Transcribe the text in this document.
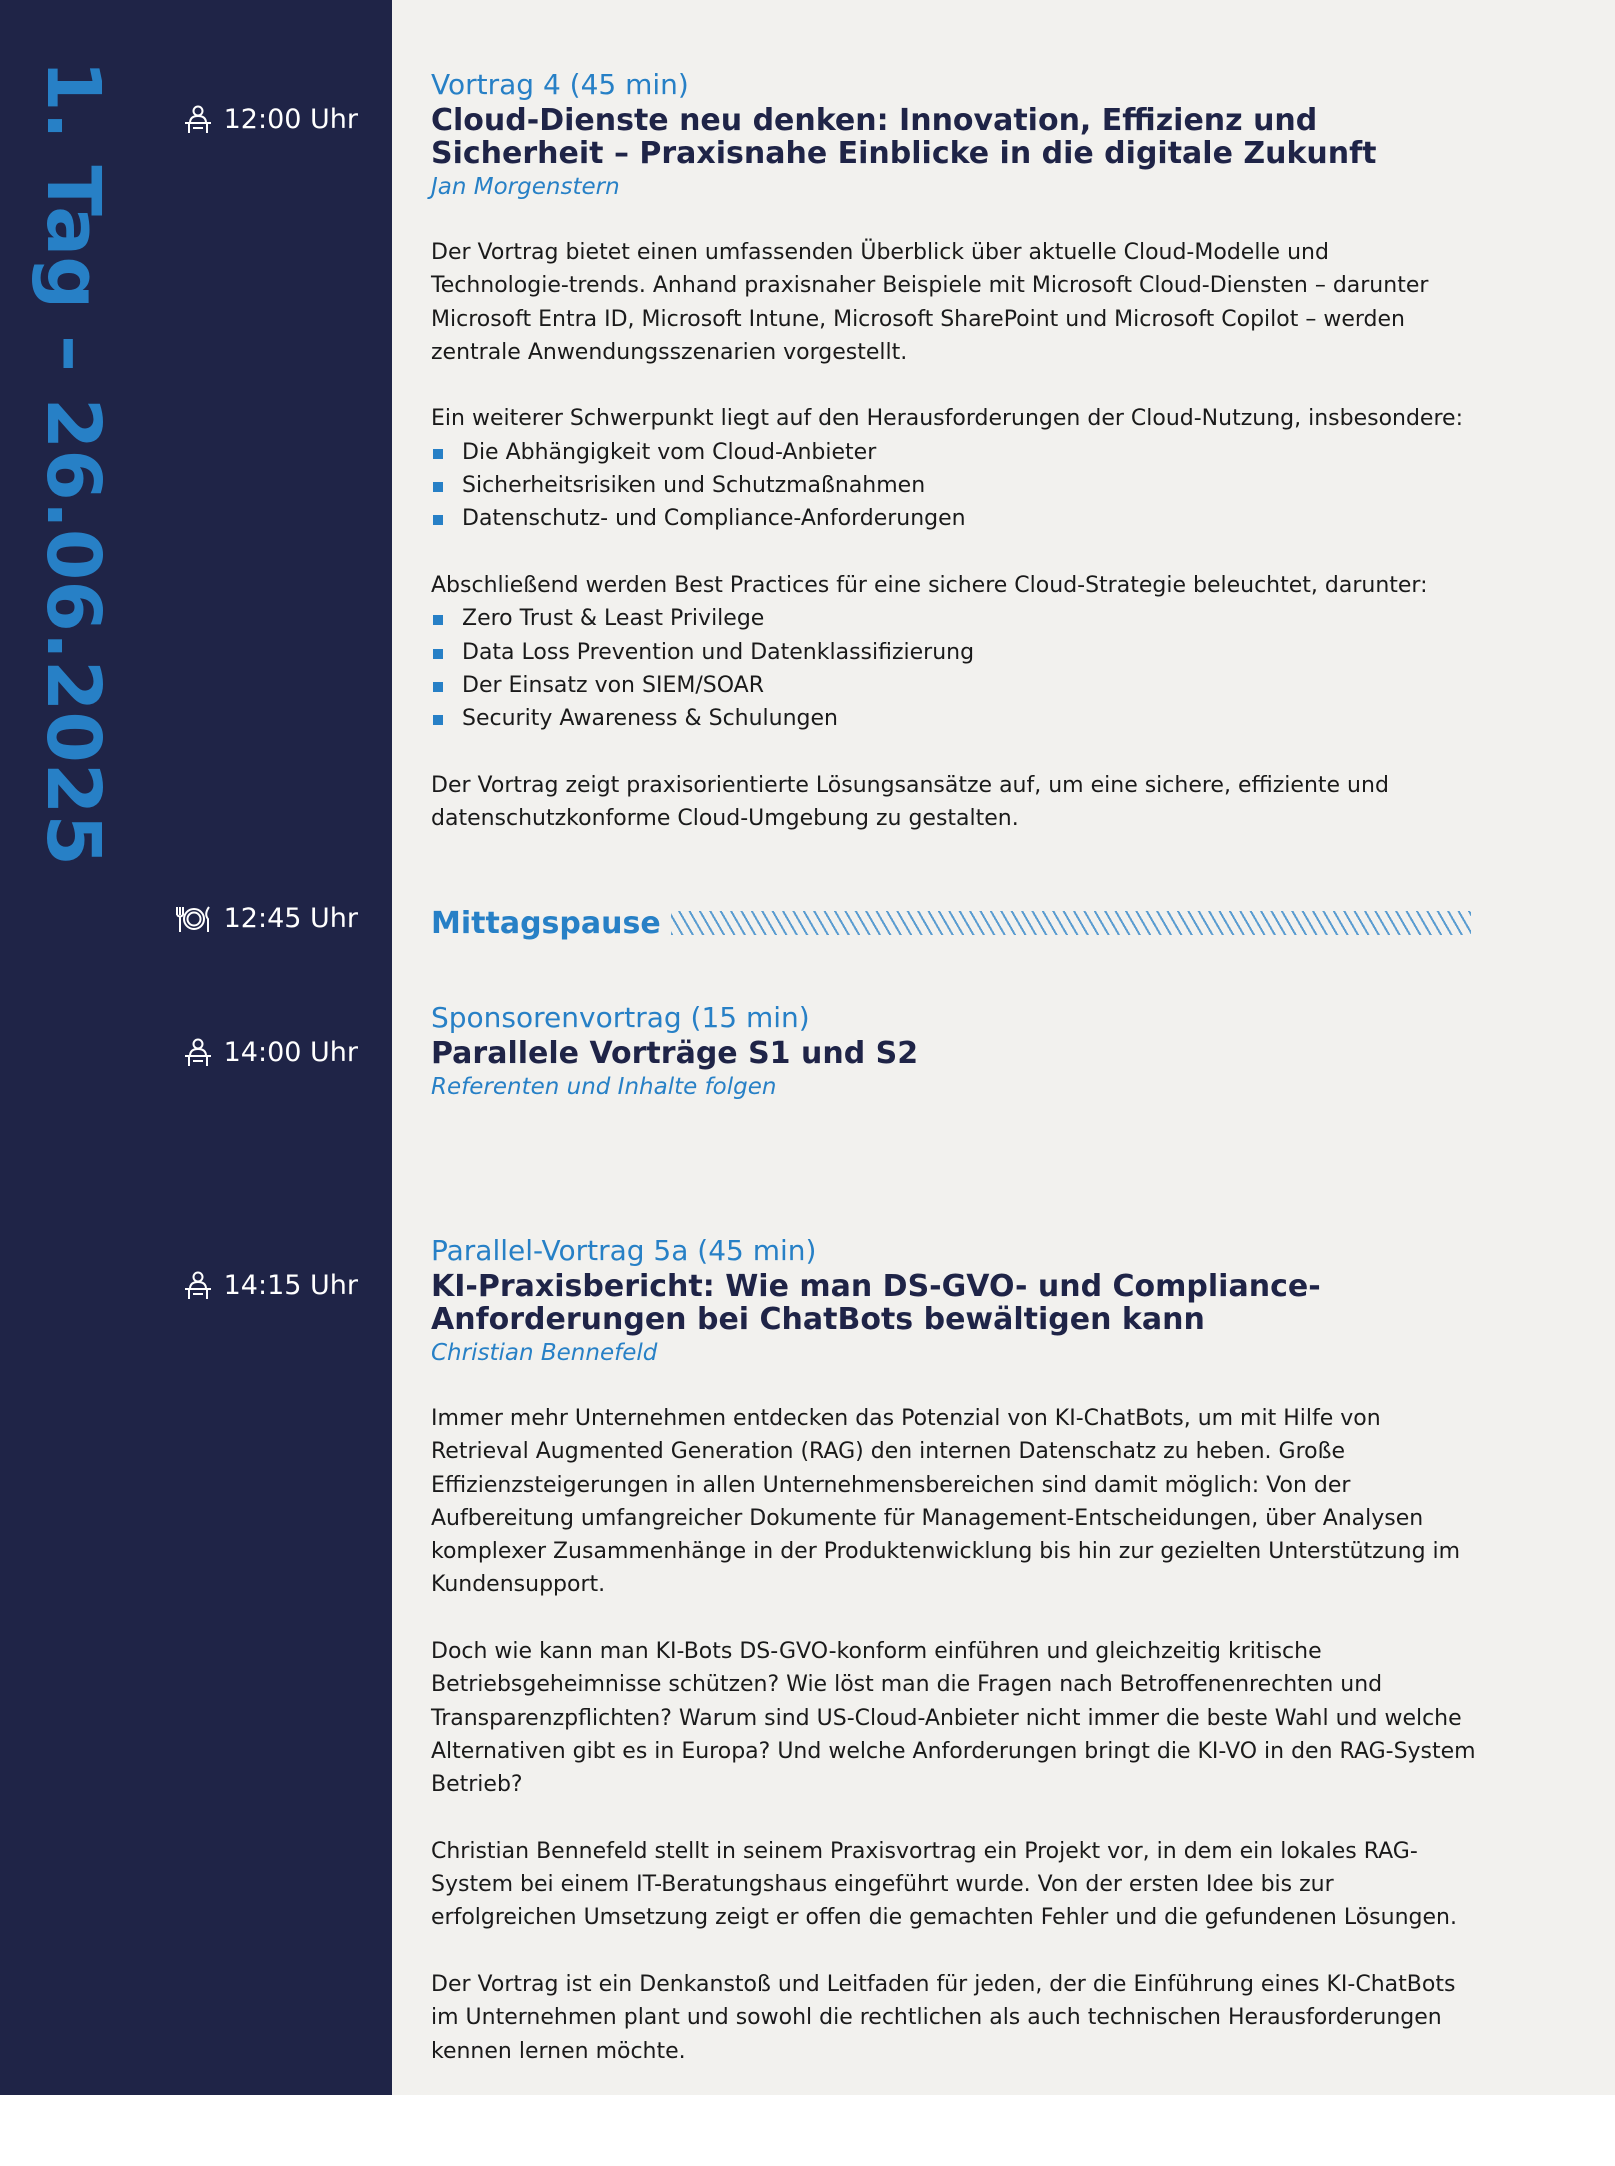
1. Tag – 26.06.2025	12:00 Uhr
12:45 Uhr
14:00 Uhr
14:15 Uhr
Vortrag 4 (45 min)
Cloud-Dienste neu denken: Innovation, Effizienz und
Sicherheit – Praxisnahe Einblicke in die digitale Zukunft
Jan Morgenstern

Der Vortrag bietet einen umfassenden Überblick über aktuelle Cloud-Modelle und Technologie-trends. Anhand praxisnaher Beispiele mit Microsoft Cloud-Diensten – darunter Microsoft Entra ID, Microsoft Intune, Microsoft SharePoint und Microsoft Copilot – werden zentrale Anwendungsszenarien vorgestellt.

Ein weiterer Schwerpunkt liegt auf den Herausforderungen der Cloud-Nutzung, insbesondere:
Die Abhängigkeit vom Cloud-Anbieter
Sicherheitsrisiken und Schutzmaßnahmen
Datenschutz- und Compliance-Anforderungen
Abschließend werden Best Practices für eine sichere Cloud-Strategie beleuchtet, darunter:
Zero Trust & Least Privilege
Data Loss Prevention und Datenklassifizierung
Der Einsatz von SIEM/SOAR
Security Awareness & Schulungen

Der Vortrag zeigt praxisorientierte Lösungsansätze auf, um eine sichere, effiziente und datenschutzkonforme Cloud-Umgebung zu gestalten.

Mittagspause
Sponsorenvortrag (15 min)
Parallele Vorträge S1 und S2
Referenten und Inhalte folgen
Parallel-Vortrag 5a (45 min)
KI-Praxisbericht: Wie man DS-GVO- und Compliance-
Anforderungen bei ChatBots bewältigen kann
Christian Bennefeld

Immer mehr Unternehmen entdecken das Potenzial von KI-ChatBots, um mit Hilfe von Retrieval Augmented Generation (RAG) den internen Datenschatz zu heben. Große Effizienzsteigerungen in allen Unternehmensbereichen sind damit möglich: Von der Aufbereitung umfangreicher Dokumente für Management-Entscheidungen, über Analysen komplexer Zusammenhänge in der Produktenwicklung bis hin zur gezielten Unterstützung im Kundensupport.

Doch wie kann man KI-Bots DS-GVO-konform einführen und gleichzeitig kritische Betriebsgeheimnisse schützen? Wie löst man die Fragen nach Betroffenenrechten und Transparenzpflichten? Warum sind US-Cloud-Anbieter nicht immer die beste Wahl und welche Alternativen gibt es in Europa? Und welche Anforderungen bringt die KI-VO in den RAG-System Betrieb?

Christian Bennefeld stellt in seinem Praxisvortrag ein Projekt vor, in dem ein lokales RAG-System bei einem IT-Beratungshaus eingeführt wurde. Von der ersten Idee bis zur erfolgreichen Umsetzung zeigt er offen die gemachten Fehler und die gefundenen Lösungen.

Der Vortrag ist ein Denkanstoß und Leitfaden für jeden, der die Einführung eines KI-ChatBots im Unternehmen plant und sowohl die rechtlichen als auch technischen Herausforderungen kennen lernen möchte.
